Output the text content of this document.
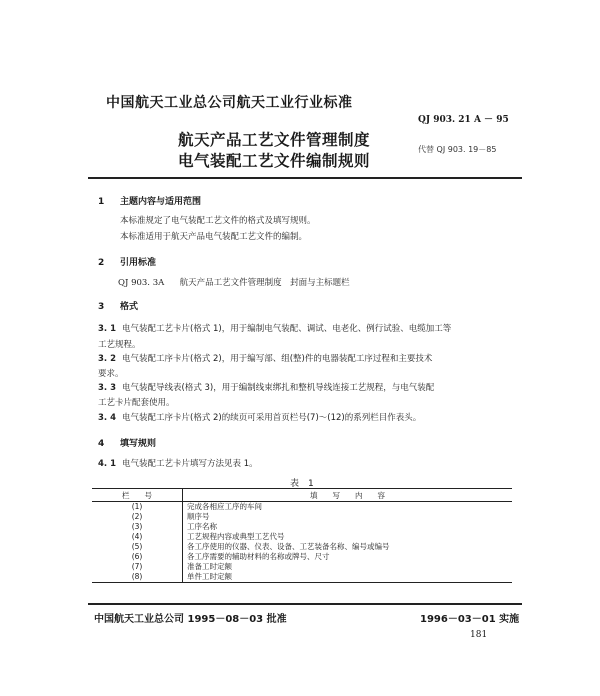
中国航天工业总公司航天工业行业标准
QJ 903. 21 A － 95
航天产品工艺文件管理制度
电气装配工艺文件编制规则
代替 QJ 903. 19－85
1 主题内容与适用范围
本标准规定了电气装配工艺文件的格式及填写规则。
本标准适用于航天产品电气装配工艺文件的编制。
2 引用标准
QJ 903. 3A 航天产品工艺文件管理制度　封面与主标题栏
3 格式
3. 1 电气装配工艺卡片(格式 1)，用于编制电气装配、调试、电老化、例行试验、电缆加工等
工艺规程。
3. 2 电气装配工序卡片(格式 2)，用于编写部、组(整)件的电器装配工序过程和主要技术
要求。
3. 3 电气装配导线表(格式 3)，用于编制线束绑扎和整机导线连接工艺规程，与电气装配
工艺卡片配套使用。
3. 4 电气装配工序卡片(格式 2)的续页可采用首页栏号(7)～(12)的系列栏目作表头。
4 填写规则
4. 1 电气装配工艺卡片填写方法见表 1。
表　1
栏　　号	填　　写　　内　　容
(1)	完成各相应工序的车间
(2)	顺序号
(3)	工序名称
(4)	工艺规程内容或典型工艺代号
(5)	各工序使用的仪器、仪表、设备、工艺装备名称、编号或编号
(6)	各工序需要的辅助材料的名称或牌号、尺寸
(7)	准备工时定额
(8)	单件工时定额
中国航天工业总公司 1995－08－03 批准	1996－03－01 实施
181
